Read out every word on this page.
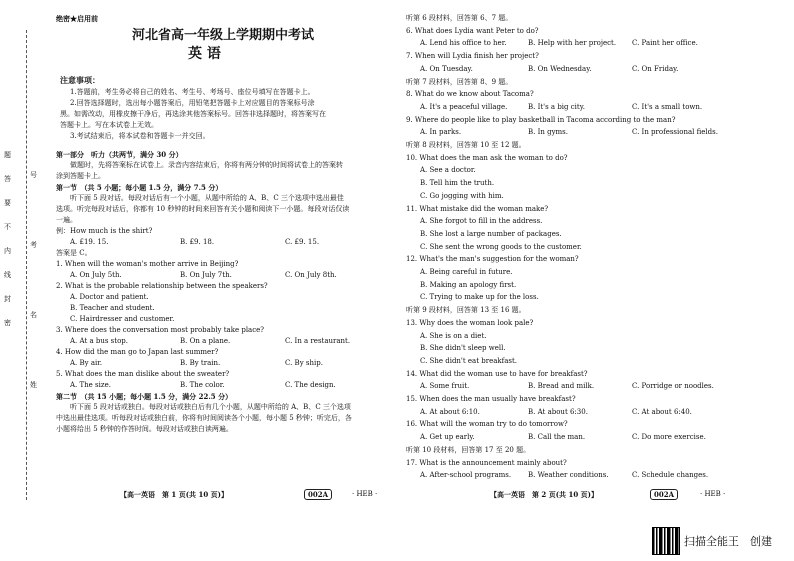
题
答
要
不
内
线
封
密
号
考
名
姓
绝密★启用前
河北省高一年级上学期期中考试
英 语
注意事项：
1.答题前，考生务必将自己的姓名、考生号、考场号、座位号填写在答题卡上。
2.回答选择题时，选出每小题答案后，用铅笔把答题卡上对应题目的答案标号涂
黑。如需改动，用橡皮擦干净后，再选涂其他答案标号。回答非选择题时，将答案写在
答题卡上。写在本试卷上无效。
3.考试结束后，将本试卷和答题卡一并交回。
第一部分　听力（共两节，满分 30 分）
做题时，先将答案标在试卷上。录音内容结束后，你将有两分钟的时间将试卷上的答案转
涂到答题卡上。
第一节　（共 5 小题；每小题 1.5 分，满分 7.5 分）
听下面 5 段对话。每段对话后有一个小题，从题中所给的 A、B、C 三个选项中选出最佳
选项。听完每段对话后，你都有 10 秒钟的时间来回答有关小题和阅读下一小题。每段对话仅读
一遍。
例：How much is the shirt?
A. £19. 15.	B. £9. 18.	C. £9. 15.
答案是 C。
1. When will the woman's mother arrive in Beijing?
A. On July 5th.	B. On July 7th.	C. On July 8th.
2. What is the probable relationship between the speakers?
A. Doctor and patient.
B. Teacher and student.
C. Hairdresser and customer.
3. Where does the conversation most probably take place?
A. At a bus stop.	B. On a plane.	C. In a restaurant.
4. How did the man go to Japan last summer?
A. By air.	B. By train.	C. By ship.
5. What does the man dislike about the sweater?
A. The size.	B. The color.	C. The design.
第二节　（共 15 小题；每小题 1.5 分，满分 22.5 分）
听下面 5 段对话或独白。每段对话或独白后有几个小题，从题中所给的 A、B、C 三个选项
中选出最佳选项。听每段对话或独白前，你将有时间阅读各个小题，每小题 5 秒钟；听完后，各
小题将给出 5 秒钟的作答时间。每段对话或独白读两遍。
【高一英语　第 1 页(共 10 页)】	002A	· HEB ·
听第 6 段材料，回答第 6、7 题。
6. What does Lydia want Peter to do?
A. Lend his office to her.	B. Help with her project. C. Paint her office.
7. When will Lydia finish her project?
A. On Tuesday.	B. On Wednesday.	C. On Friday.
听第 7 段材料，回答第 8、9 题。
8. What do we know about Tacoma?
A. It's a peaceful village.	B. It's a big city.	C. It's a small town.
9. Where do people like to play basketball in Tacoma according to the man?
A. In parks.	B. In gyms.	C. In professional fields.
听第 8 段材料，回答第 10 至 12 题。
10. What does the man ask the woman to do?
A. See a doctor.
B. Tell him the truth.
C. Go jogging with him.
11. What mistake did the woman make?
A. She forgot to fill in the address.
B. She lost a large number of packages.
C. She sent the wrong goods to the customer.
12. What's the man's suggestion for the woman?
A. Being careful in future.
B. Making an apology first.
C. Trying to make up for the loss.
听第 9 段材料，回答第 13 至 16 题。
13. Why does the woman look pale?
A. She is on a diet.
B. She didn't sleep well.
C. She didn't eat breakfast.
14. What did the woman use to have for breakfast?
A. Some fruit.	B. Bread and milk.	C. Porridge or noodles.
15. When does the man usually have breakfast?
A. At about 6:10.	B. At about 6:30.	C. At about 6:40.
16. What will the woman try to do tomorrow?
A. Get up early.	B. Call the man.	C. Do more exercise.
听第 10 段材料，回答第 17 至 20 题。
17. What is the announcement mainly about?
A. After-school programs. B. Weather conditions.	C. Schedule changes.
【高一英语　第 2 页(共 10 页)】	002A	· HEB ·
扫描全能王　创建
